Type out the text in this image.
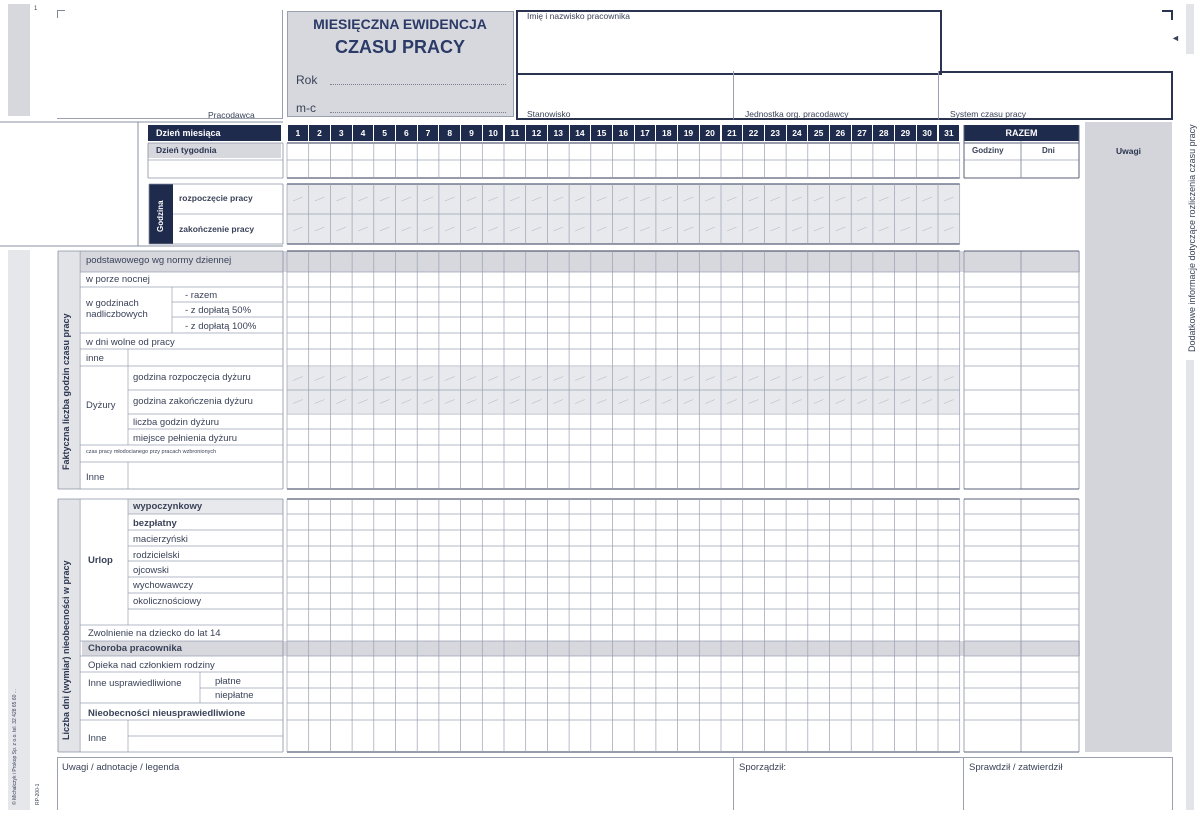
1
© Michalczyk i Prokop Sp. z o.o. tel. 32 428 65 60 ...	RP-200-1
Pracodawca
MIESIĘCZNA EWIDENCJA
CZASU PRACY
Rok
m-c
Imię i nazwisko pracownika
Stanowisko	Jednostka org. pracodawcy	System czasu pracy
◄
Dodatkowe informacje dotyczące rozliczenia czasu pracy
Uwagi
Dzień miesiąca
Dzień tygodnia
RAZEM
Godziny	Dni
1	2	3	4	5	6	7	8	9	10	11	12	13	14	15	16	17	18	19	20	21	22	23	24	25	26	27	28	29	30	31
Godzina
rozpoczęcie pracy
zakończenie pracy
Faktyczna liczba godzin czasu pracy
Liczba dni (wymiar) nieobecności w pracy
podstawowego wg normy dziennej
w porze nocnej
w godzinach nadliczbowych
- razem
- z dopłatą 50%
- z dopłatą 100%
w dni wolne od pracy
inne
Dyżury
godzina rozpoczęcia dyżuru
godzina zakończenia dyżuru
liczba godzin dyżuru
miejsce pełnienia dyżuru
czas pracy młodocianego przy pracach wzbronionych
Inne
Urlop
wypoczynkowy
bezpłatny
macierzyński
rodzicielski
ojcowski
wychowawczy
okolicznościowy
Zwolnienie na dziecko do lat 14
Choroba pracownika
Opieka nad członkiem rodziny
Inne usprawiedliwione	płatne
niepłatne
Nieobecności nieusprawiedliwione
Inne
Uwagi / adnotacje / legenda	Sporządził:	Sprawdził / zatwierdził
